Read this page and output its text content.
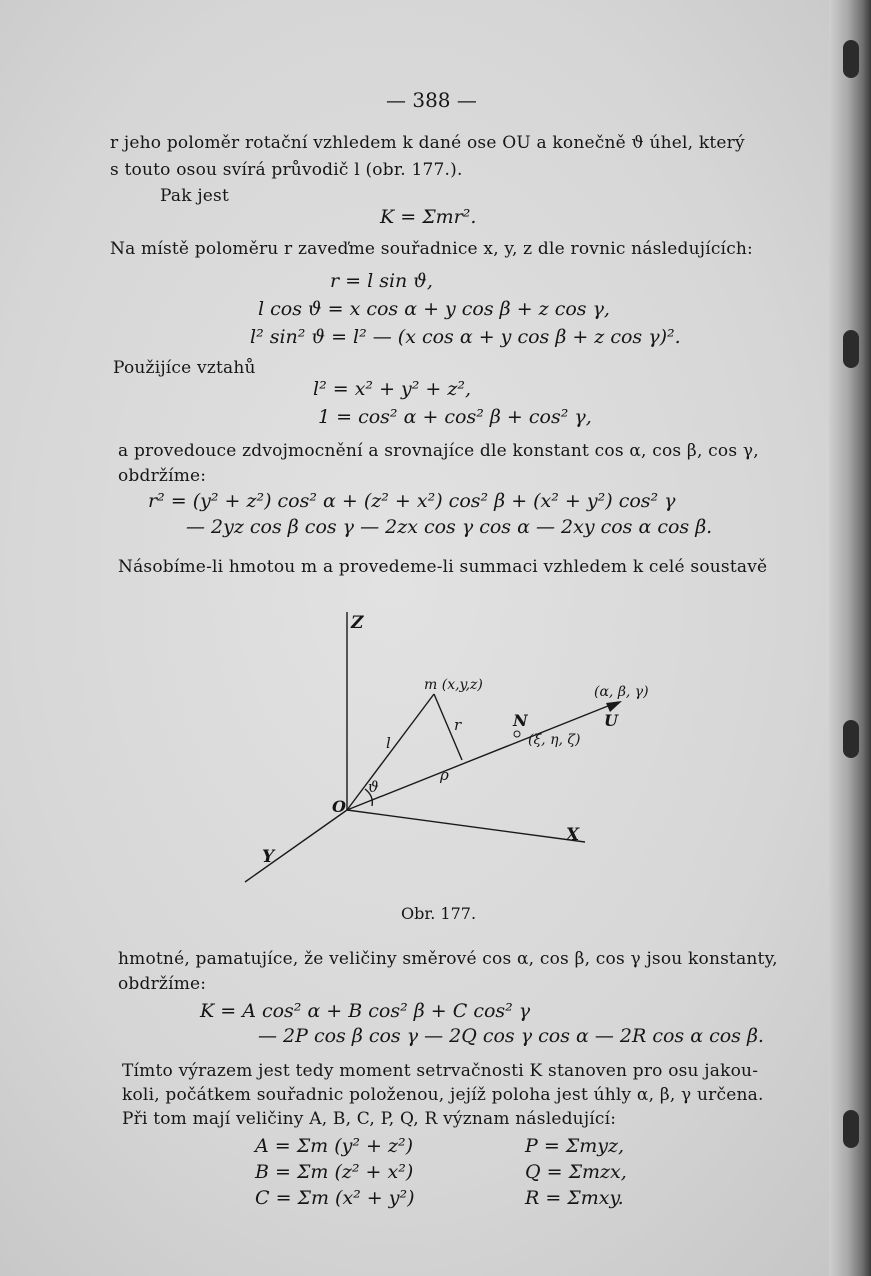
— 388 —
r jeho poloměr rotační vzhledem k dané ose OU a konečně ϑ úhel, který
s touto osou svírá průvodič l (obr. 177.).
Pak jest
K = Σmr².
Na místě poloměru r zaveďme souřadnice x, y, z dle rovnic následujících:
r = l sin ϑ,
l cos ϑ = x cos α + y cos β + z cos γ,
l² sin² ϑ = l² — (x cos α + y cos β + z cos γ)².
Použijíce vztahů
l² = x² + y² + z²,
1 = cos² α + cos² β + cos² γ,
a provedouce zdvojmocnění a srovnajíce dle konstant cos α, cos β, cos γ,
obdržíme:
r² = (y² + z²) cos² α + (z² + x²) cos² β + (x² + y²) cos² γ
— 2yz cos β cos γ — 2zx cos γ cos α — 2xy cos α cos β.
Násobíme-li hmotou m a provedeme-li summaci vzhledem k celé soustavě
Z
Y
X
O
m (x,y,z)
N	U
(α, β, γ)
(ξ, η, ζ)
l
r
ρ
ϑ
Obr. 177.
hmotné, pamatujíce, že veličiny směrové cos α, cos β, cos γ jsou konstanty,
obdržíme:
K = A cos² α + B cos² β + C cos² γ
— 2P cos β cos γ — 2Q cos γ cos α — 2R cos α cos β.
Tímto výrazem jest tedy moment setrvačnosti K stanoven pro osu jakou-
koli, počátkem souřadnic položenou, jejíž poloha jest úhly α, β, γ určena.
Při tom mají veličiny A, B, C, P, Q, R význam následující:
A = Σm (y² + z²)
B = Σm (z² + x²)
C = Σm (x² + y²)
P = Σmyz,
Q = Σmzx,
R = Σmxy.
